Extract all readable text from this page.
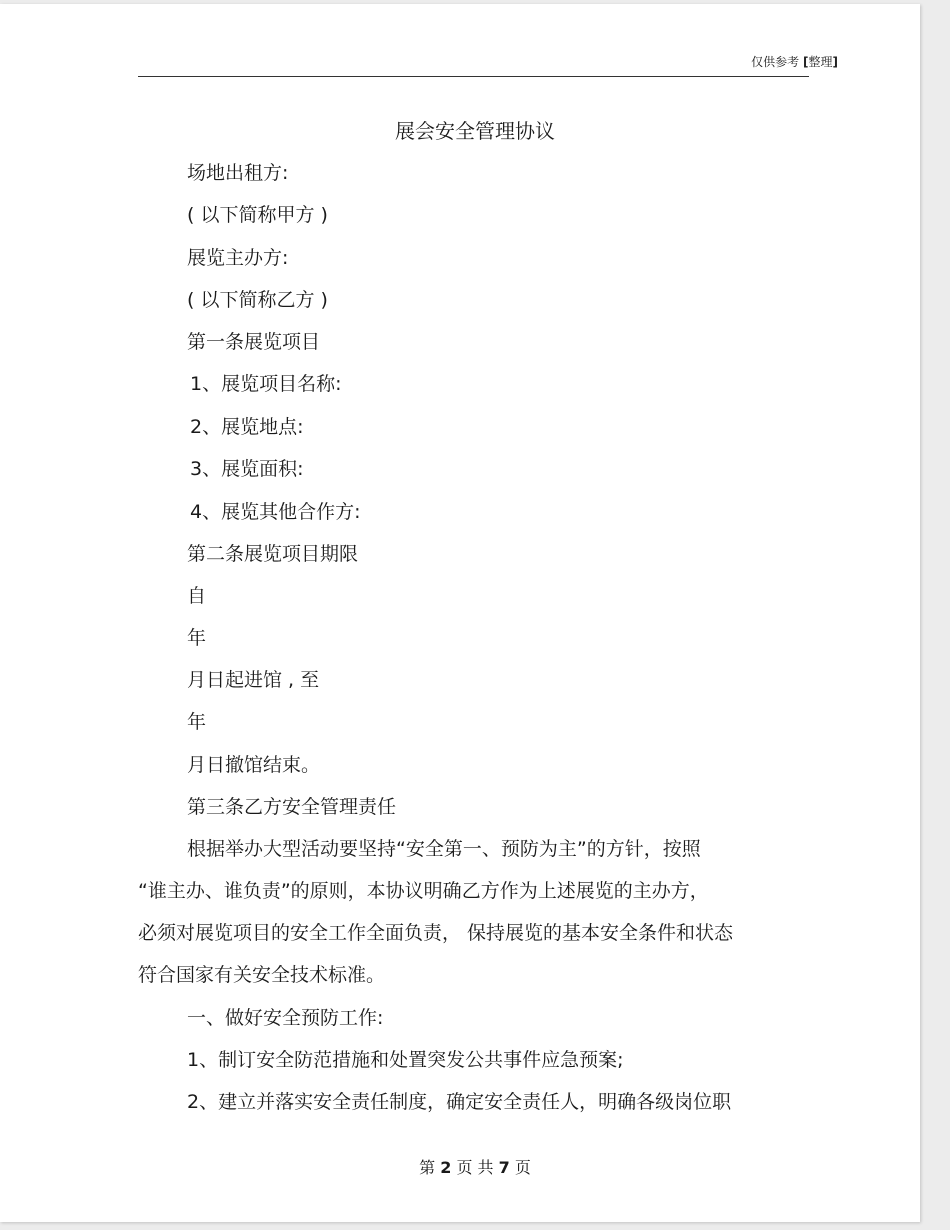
仅供参考 [整理]
展会安全管理协议
场地出租方:
( 以下简称甲方 )
展览主办方:
( 以下简称乙方 )
第一条展览项目
1、展览项目名称:
2、展览地点:
3、展览面积:
4、展览其他合作方:
第二条展览项目期限
自
年
月日起进馆 , 至
年
月日撤馆结束。
第三条乙方安全管理责任
根据举办大型活动要坚持“安全第一、预防为主”的方针，按照
“谁主办、谁负责”的原则，本协议明确乙方作为上述展览的主办方，
必须对展览项目的安全工作全面负责， 保持展览的基本安全条件和状态
符合国家有关安全技术标准。
一、做好安全预防工作:
1、制订安全防范措施和处置突发公共事件应急预案;
2、建立并落实安全责任制度，确定安全责任人，明确各级岗位职
第 2 页 共 7 页
